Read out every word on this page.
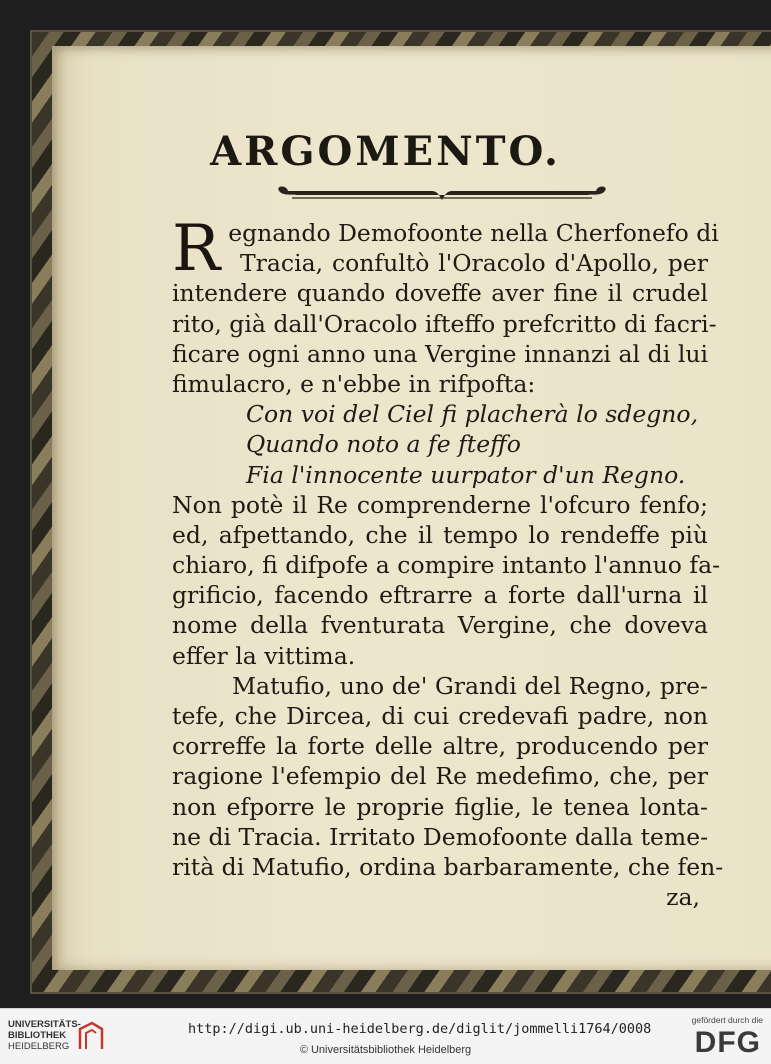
ARGOMENTO.
R egnando Demofoonte nella Cherfonefo di
Tracia, confultò l'Oracolo d'Apollo, per
intendere quando doveffe aver fine il crudel
rito, già dall'Oracolo ifteffo prefcritto di facri-
ficare ogni anno una Vergine innanzi al di lui
fimulacro, e n'ebbe in rifpofta:
Con voi del Ciel fi placherà lo sdegno,
Quando noto a fe fteffo
Fia l'innocente uurpator d'un Regno.
Non potè il Re comprenderne l'ofcuro fenfo;
ed, afpettando, che il tempo lo rendeffe più
chiaro, fi difpofe a compire intanto l'annuo fa-
grificio, facendo eftrarre a forte dall'urna il
nome della fventurata Vergine, che doveva
effer la vittima.
Matufio, uno de' Grandi del Regno, pre-
tefe, che Dircea, di cui credevafi padre, non
correffe la forte delle altre, producendo per
ragione l'efempio del Re medefimo, che, per
non efporre le proprie figlie, le tenea lonta-
ne di Tracia. Irritato Demofoonte dalla teme-
rità di Matufio, ordina barbaramente, che fen-
za,
UNIVERSITÄTS-
BIBLIOTHEK
HEIDELBERG
http://digi.ub.uni-heidelberg.de/diglit/jommelli1764/0008
© Universitätsbibliothek Heidelberg
gefördert durch die
DFG
